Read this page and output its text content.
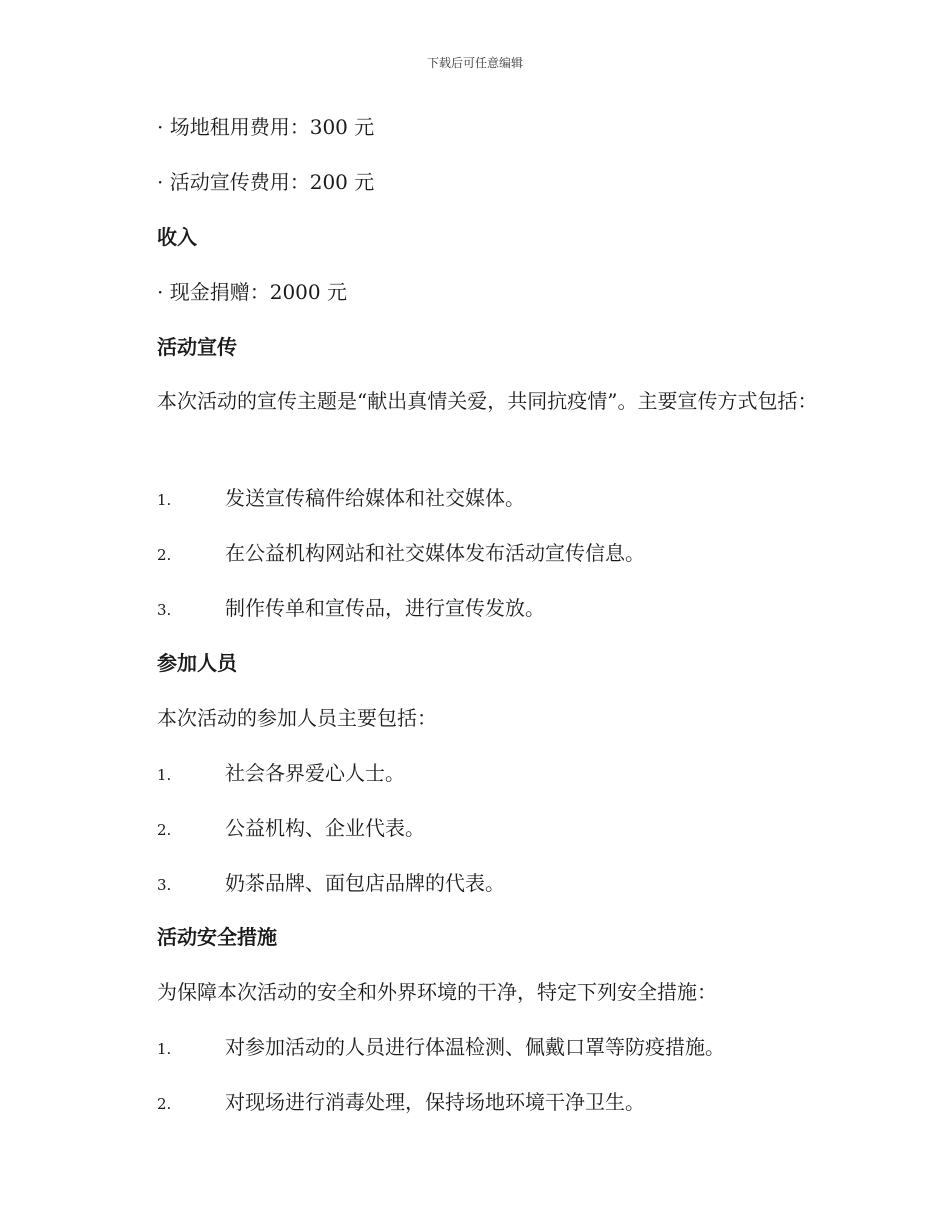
下载后可任意编辑
· 场地租用费用：300 元
· 活动宣传费用：200 元
收入
· 现金捐赠：2000 元
活动宣传
本次活动的宣传主题是“献出真情关爱，共同抗疫情”。主要宣传方式包括：
1.	发送宣传稿件给媒体和社交媒体。
2.	在公益机构网站和社交媒体发布活动宣传信息。
3.	制作传单和宣传品，进行宣传发放。
参加人员
本次活动的参加人员主要包括：
1.	社会各界爱心人士。
2.	公益机构、企业代表。
3.	奶茶品牌、面包店品牌的代表。
活动安全措施
为保障本次活动的安全和外界环境的干净，特定下列安全措施：
1.	对参加活动的人员进行体温检测、佩戴口罩等防疫措施。
2.	对现场进行消毒处理，保持场地环境干净卫生。
